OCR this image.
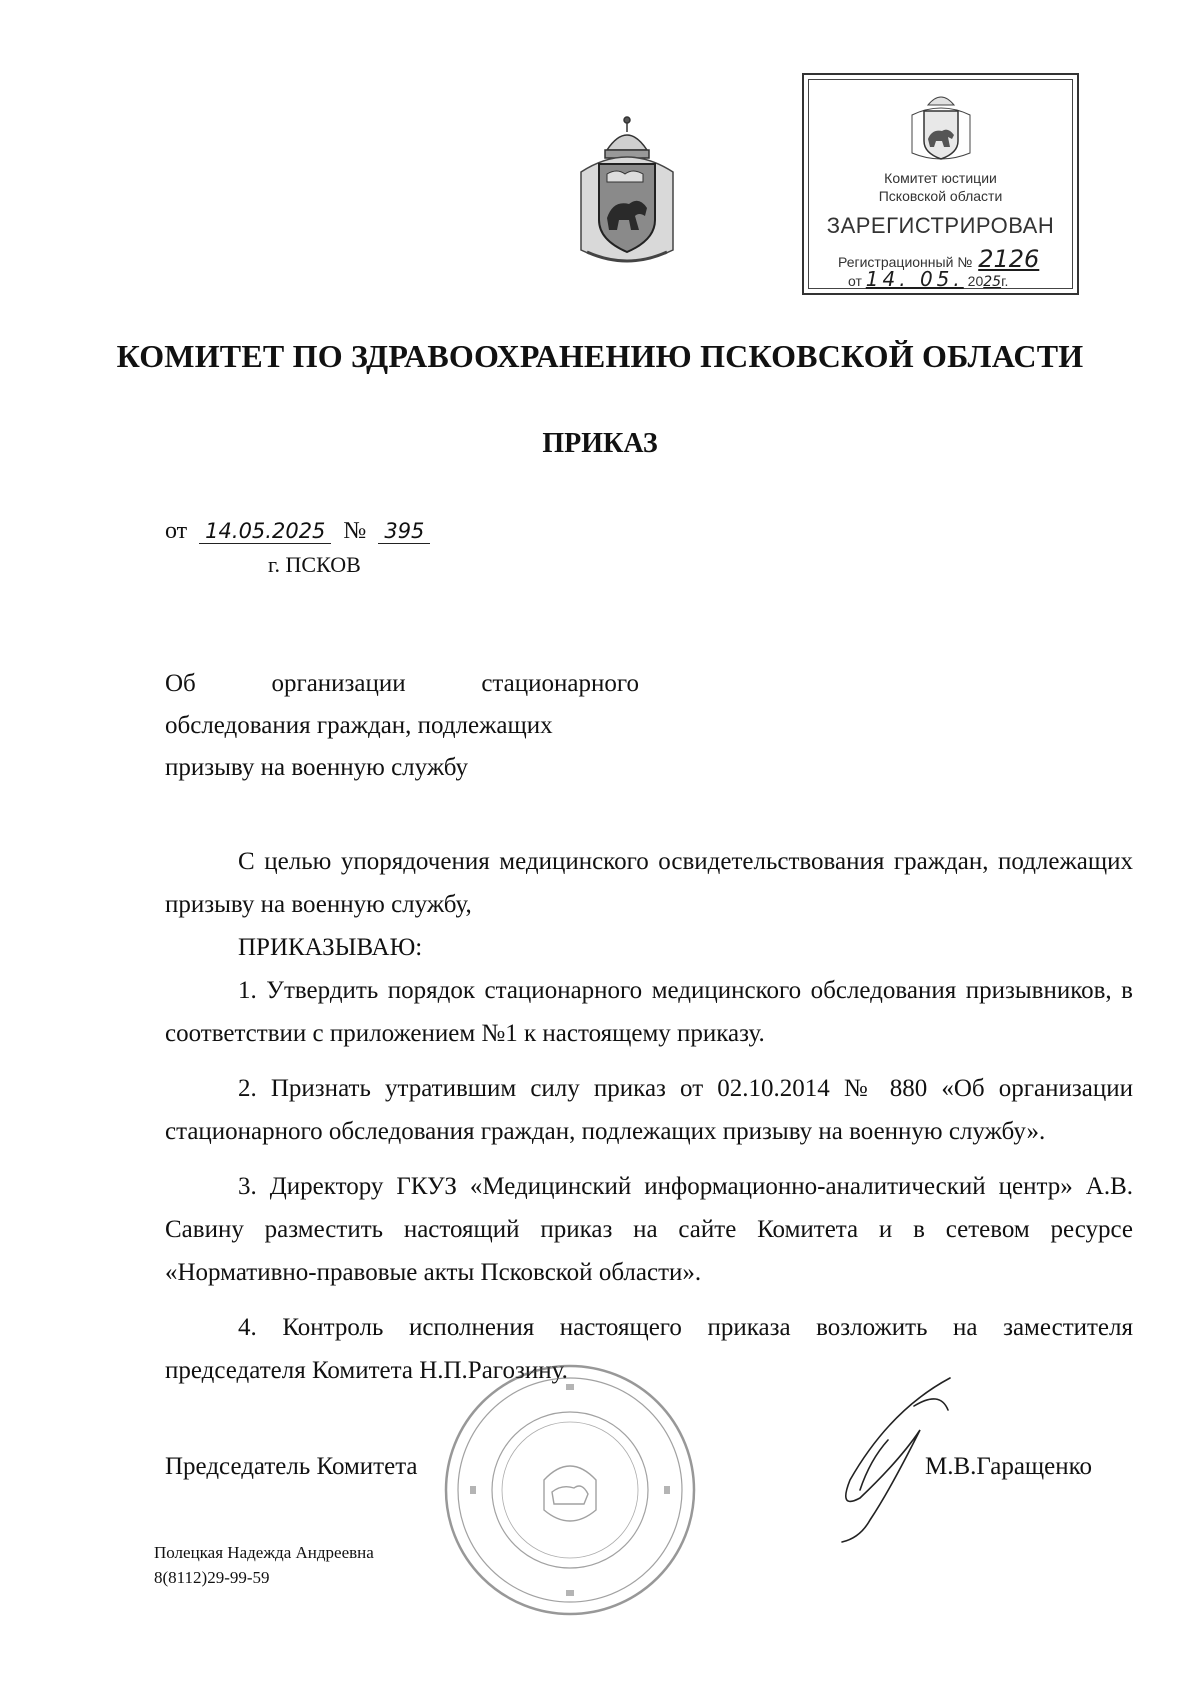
Комитет юстиции
Псковской области
ЗАРЕГИСТРИРОВАН
Регистрационный № 2126
от 14. 05. 2025г.
КОМИТЕТ ПО ЗДРАВООХРАНЕНИЮ ПСКОВСКОЙ ОБЛАСТИ
ПРИКАЗ
от 14.05.2025 № 395
г. ПСКОВ
Об	организации	стационарного
обследования граждан, подлежащих
призыву на военную службу

С целью упорядочения медицинского освидетельствования граждан, подлежащих призыву на военную службу,

ПРИКАЗЫВАЮ:

1. Утвердить порядок стационарного медицинского обследования призывников, в соответствии с приложением №1 к настоящему приказу.

2. Признать утратившим силу приказ от 02.10.2014 № 880 «Об организации стационарного обследования граждан, подлежащих призыву на военную службу».

3. Директору ГКУЗ «Медицинский информационно-аналитический центр» А.В. Савину разместить настоящий приказ на сайте Комитета и в сетевом ресурсе «Нормативно-правовые акты Псковской области».

4. Контроль исполнения настоящего приказа возложить на заместителя председателя Комитета Н.П.Рагозину.

Председатель Комитета	М.В.Гаращенко
Полецкая Надежда Андреевна
8(8112)29-99-59
